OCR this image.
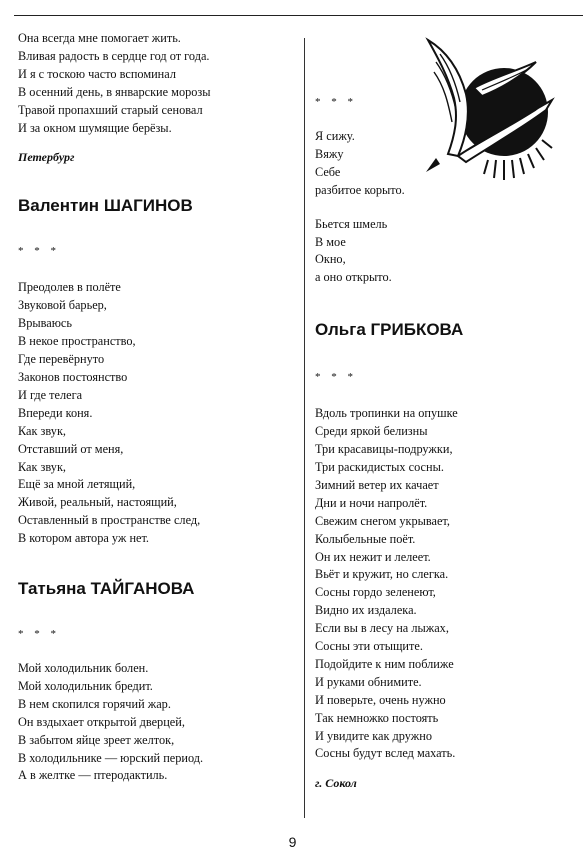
Она всегда мне помогает жить.
Вливая радость в сердце год от года.
И я с тоскою часто вспоминал
В осенний день, в январские морозы
Травой пропахший старый сеновал
И за окном шумящие берёзы.
Петербург
Валентин ШАГИНОВ
* * *
Преодолев в полёте
Звуковой барьер,
Врываюсь
В некое пространство,
Где перевёрнуто
Законов постоянство
И где телега
Впереди коня.
Как звук,
Отставший от меня,
Как звук,
Ещё за мной летящий,
Живой, реальный, настоящий,
Оставленный в пространстве след,
В котором автора уж нет.
Татьяна ТАЙГАНОВА
* * *
Мой холодильник болен.
Мой холодильник бредит.
В нем скопился горячий жар.
Он вздыхает открытой дверцей,
В забытом яйце зреет желток,
В холодильнике — юрский период.
А в желтке — птеродактиль.
* * *
Я сижу.
Вяжу
Себе
разбитое корыто.
Бьется шмель
В мое
Окно,
а оно открыто.
Ольга ГРИБКОВА
* * *
Вдоль тропинки на опушке
Среди яркой белизны
Три красавицы-подружки,
Три раскидистых сосны.
Зимний ветер их качает
Дни и ночи напролёт.
Свежим снегом укрывает,
Колыбельные поёт.
Он их нежит и лелеет.
Вьёт и кружит, но слегка.
Сосны гордо зеленеют,
Видно их издалека.
Если вы в лесу на лыжах,
Сосны эти отыщите.
Подойдите к ним поближе
И руками обнимите.
И поверьте, очень нужно
Так немножко постоять
И увидите как дружно
Сосны будут вслед махать.
г. Сокол
9
